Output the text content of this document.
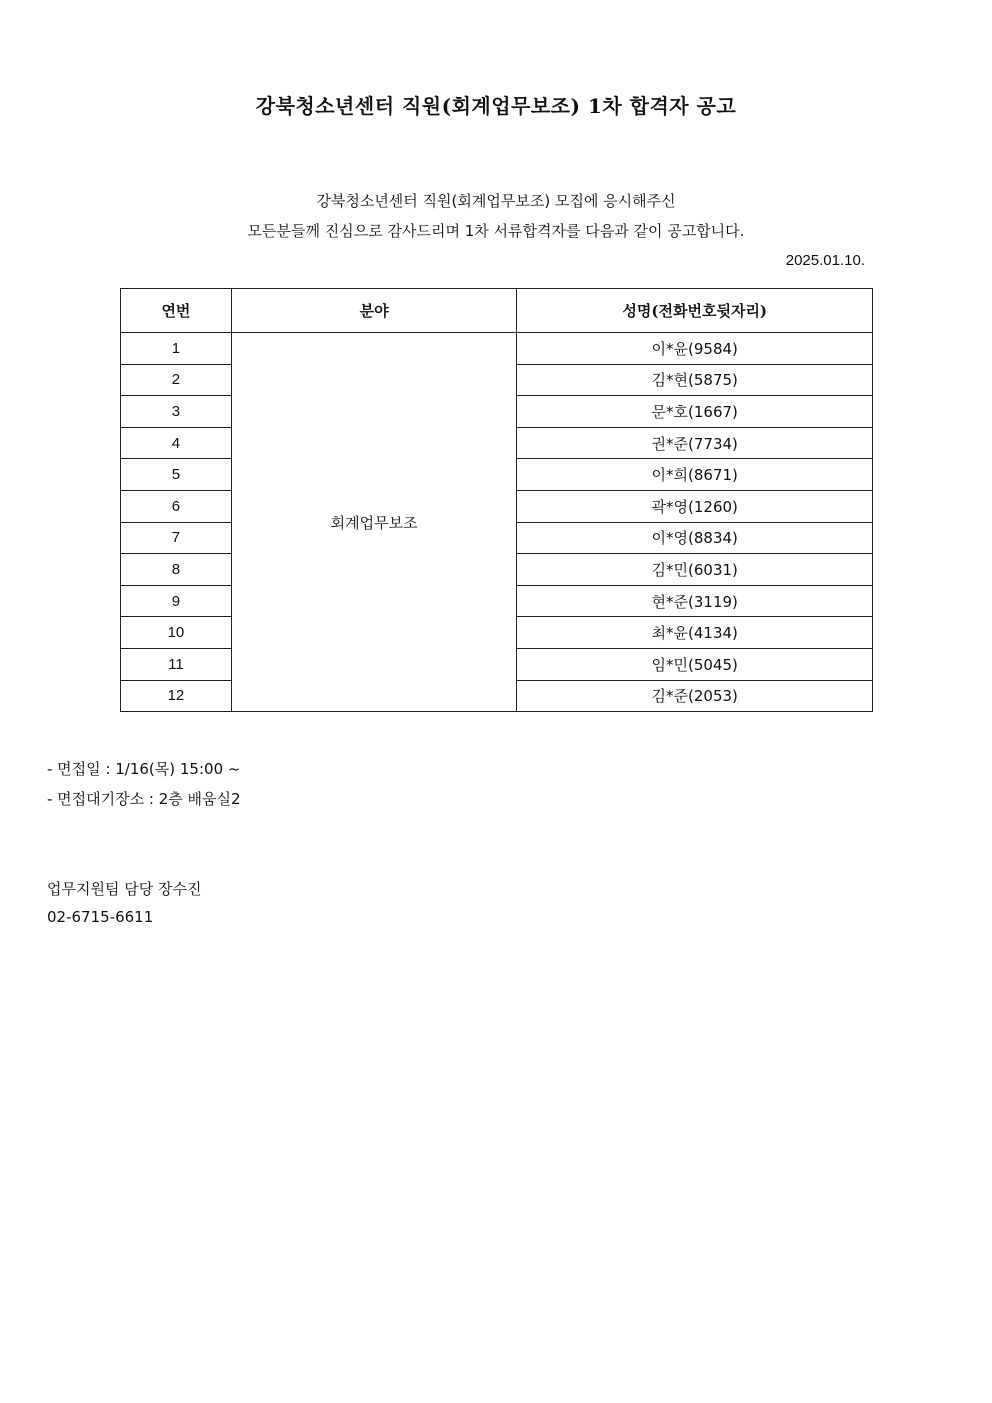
강북청소년센터 직원(회계업무보조) 1차 합격자 공고
강북청소년센터 직원(회계업무보조) 모집에 응시해주신
모든분들께 진심으로 감사드리며 1차 서류합격자를 다음과 같이 공고합니다.
2025.01.10.
연번	분야	성명(전화번호뒷자리)
1	회계업무보조	이*윤(9584)
2		김*현(5875)
3		문*호(1667)
4		권*준(7734)
5		이*희(8671)
6		곽*영(1260)
7		이*영(8834)
8		김*민(6031)
9		현*준(3119)
10		최*윤(4134)
11		임*민(5045)
12		김*준(2053)
- 면접일 : 1/16(목) 15:00 ~
- 면접대기장소 : 2층 배움실2
업무지원팀 담당 장수진
02-6715-6611
